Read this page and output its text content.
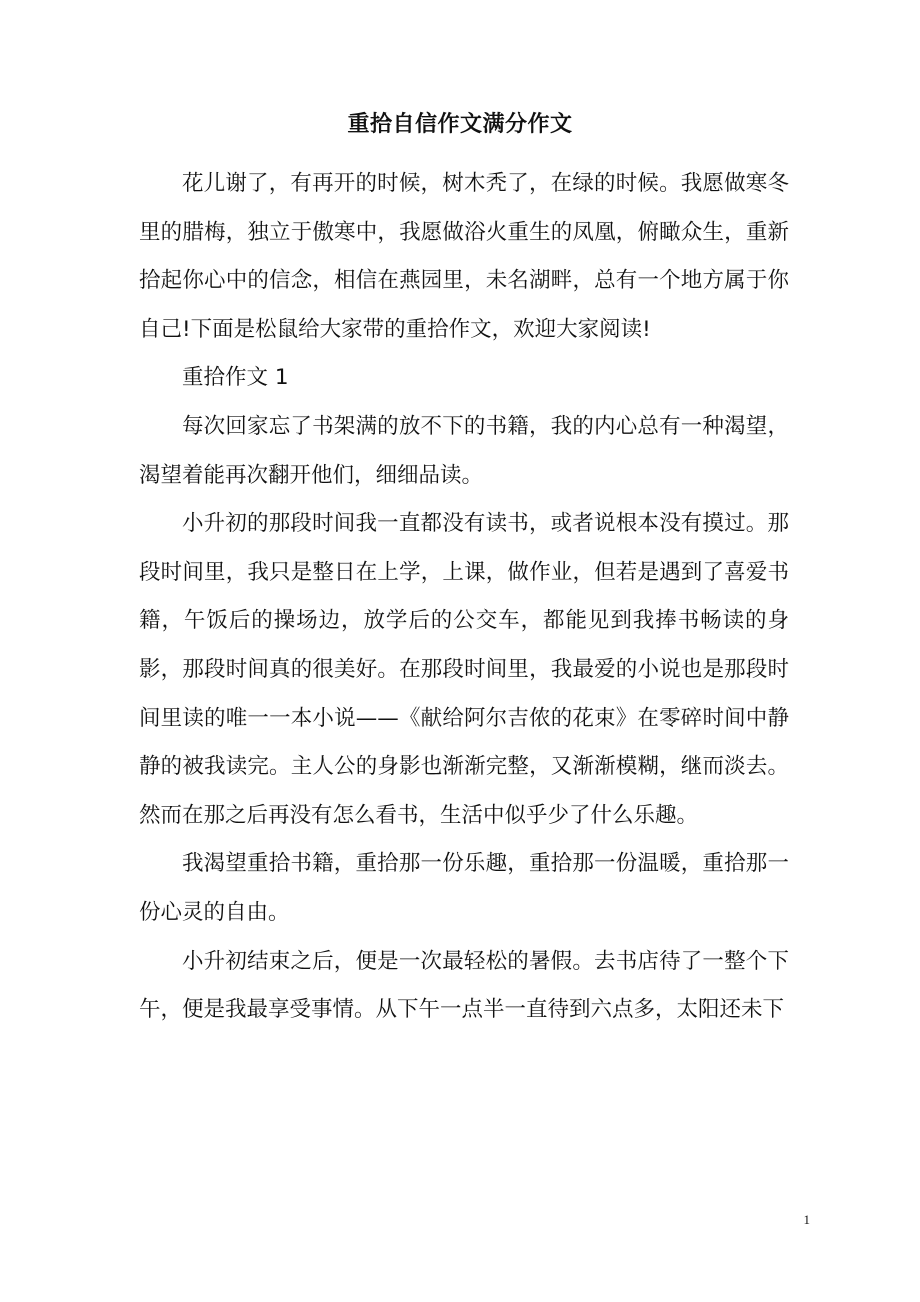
重拾自信作文满分作文

花儿谢了，有再开的时候，树木秃了，在绿的时候。我愿做寒冬里的腊梅，独立于傲寒中，我愿做浴火重生的凤凰，俯瞰众生，重新拾起你心中的信念，相信在燕园里，未名湖畔，总有一个地方属于你自己!下面是松鼠给大家带的重拾作文，欢迎大家阅读!

重拾作文 1

每次回家忘了书架满的放不下的书籍，我的内心总有一种渴望，渴望着能再次翻开他们，细细品读。

小升初的那段时间我一直都没有读书，或者说根本没有摸过。那段时间里，我只是整日在上学，上课，做作业，但若是遇到了喜爱书籍，午饭后的操场边，放学后的公交车，都能见到我捧书畅读的身影，那段时间真的很美好。在那段时间里，我最爱的小说也是那段时间里读的唯一一本小说——《献给阿尔吉侬的花束》在零碎时间中静静的被我读完。主人公的身影也渐渐完整，又渐渐模糊，继而淡去。然而在那之后再没有怎么看书，生活中似乎少了什么乐趣。

我渴望重拾书籍，重拾那一份乐趣，重拾那一份温暖，重拾那一份心灵的自由。

小升初结束之后，便是一次最轻松的暑假。去书店待了一整个下午，便是我最享受事情。从下午一点半一直待到六点多，太阳还未下

1
